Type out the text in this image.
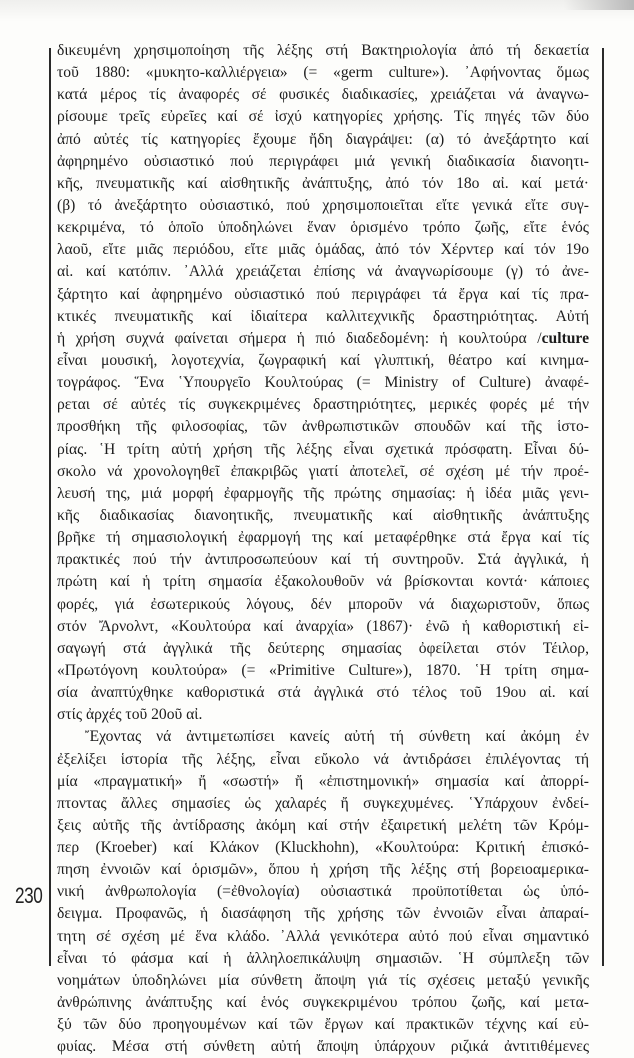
230
δικευμένη χρησιμοποίηση τῆς λέξης στή Βακτηριολογία ἀπό τή δεκαετία
τοῦ 1880: «μυκητο-καλλιέργεια» (= «germ culture»). ᾿Αφήνοντας ὅμως
κατά μέρος τίς ἀναφορές σέ φυσικές διαδικασίες, χρειάζεται νά ἀναγνω-
ρίσουμε τρεῖς εὐρεῖες καί σέ ἰσχύ κατηγορίες χρήσης. Τίς πηγές τῶν δύο
ἀπό αὐτές τίς κατηγορίες ἔχουμε ἤδη διαγράψει: (α) τό ἀνεξάρτητο καί
ἀφηρημένο οὐσιαστικό πού περιγράφει μιά γενική διαδικασία διανοητι-
κῆς, πνευματικῆς καί αἰσθητικῆς ἀνάπτυξης, ἀπό τόν 18ο αἰ. καί μετά·
(β) τό ἀνεξάρτητο οὐσιαστικό, πού χρησιμοποιεῖται εἴτε γενικά εἴτε συγ-
κεκριμένα, τό ὁποῖο ὑποδηλώνει ἕναν ὁρισμένο τρόπο ζωῆς, εἴτε ἑνός
λαοῦ, εἴτε μιᾶς περιόδου, εἴτε μιᾶς ὁμάδας, ἀπό τόν Χέρντερ καί τόν 19ο
αἰ. καί κατόπιν. ᾿Αλλά χρειάζεται ἐπίσης νά ἀναγνωρίσουμε (γ) τό ἀνε-
ξάρτητο καί ἀφηρημένο οὐσιαστικό πού περιγράφει τά ἔργα καί τίς πρα-
κτικές πνευματικῆς καί ἰδιαίτερα καλλιτεχνικῆς δραστηριότητας. Αὐτή
ἡ χρήση συχνά φαίνεται σήμερα ἡ πιό διαδεδομένη: ἡ κουλτούρα /culture
εἶναι μουσική, λογοτεχνία, ζωγραφική καί γλυπτική, θέατρο καί κινημα-
τογράφος. Ἕνα ῾Υπουργεῖο Κουλτούρας (= Ministry of Culture) ἀναφέ-
ρεται σέ αὐτές τίς συγκεκριμένες δραστηριότητες, μερικές φορές μέ τήν
προσθήκη τῆς φιλοσοφίας, τῶν ἀνθρωπιστικῶν σπουδῶν καί τῆς ἱστο-
ρίας. ῾Η τρίτη αὐτή χρήση τῆς λέξης εἶναι σχετικά πρόσφατη. Εἶναι δύ-
σκολο νά χρονολογηθεῖ ἐπακριβῶς γιατί ἀποτελεῖ, σέ σχέση μέ τήν προέ-
λευσή της, μιά μορφή ἐφαρμογῆς τῆς πρώτης σημασίας: ἡ ἰδέα μιᾶς γενι-
κῆς διαδικασίας διανοητικῆς, πνευματικῆς καί αἰσθητικῆς ἀνάπτυξης
βρῆκε τή σημασιολογική ἐφαρμογή της καί μεταφέρθηκε στά ἔργα καί τίς
πρακτικές πού τήν ἀντιπροσωπεύουν καί τή συντηροῦν. Στά ἀγγλικά, ἡ
πρώτη καί ἡ τρίτη σημασία ἐξακολουθοῦν νά βρίσκονται κοντά· κάποιες
φορές, γιά ἐσωτερικούς λόγους, δέν μποροῦν νά διαχωριστοῦν, ὅπως
στόν Ἄρνολντ, «Κουλτούρα καί ἀναρχία» (1867)· ἐνῶ ἡ καθοριστική εἰ-
σαγωγή στά ἀγγλικά τῆς δεύτερης σημασίας ὀφείλεται στόν Τέιλορ,
«Πρωτόγονη κουλτούρα» (= «Primitive Culture»), 1870. ῾Η τρίτη σημα-
σία ἀναπτύχθηκε καθοριστικά στά ἀγγλικά στό τέλος τοῦ 19ου αἰ. καί
στίς ἀρχές τοῦ 20οῦ αἰ.
Ἔχοντας νά ἀντιμετωπίσει κανείς αὐτή τή σύνθετη καί ἀκόμη ἐν
ἐξελίξει ἱστορία τῆς λέξης, εἶναι εὔκολο νά ἀντιδράσει ἐπιλέγοντας τή
μία «πραγματική» ἤ «σωστή» ἤ «ἐπιστημονική» σημασία καί ἀπορρί-
πτοντας ἄλλες σημασίες ὡς χαλαρές ἤ συγκεχυμένες. ῾Υπάρχουν ἐνδεί-
ξεις αὐτῆς τῆς ἀντίδρασης ἀκόμη καί στήν ἐξαιρετική μελέτη τῶν Κρόμ-
περ (Kroeber) καί Κλάκον (Kluckhohn), «Κουλτούρα: Κριτική ἐπισκό-
πηση ἐννοιῶν καί ὁρισμῶν», ὅπου ἡ χρήση τῆς λέξης στή βορειοαμερικα-
νική ἀνθρωπολογία (=ἐθνολογία) οὐσιαστικά προϋποτίθεται ὡς ὑπό-
δειγμα. Προφανῶς, ἡ διασάφηση τῆς χρήσης τῶν ἐννοιῶν εἶναι ἀπαραί-
τητη σέ σχέση μέ ἕνα κλάδο. ᾿Αλλά γενικότερα αὐτό πού εἶναι σημαντικό
εἶναι τό φάσμα καί ἡ ἀλληλοεπικάλυψη σημασιῶν. ῾Η σύμπλεξη τῶν
νοημάτων ὑποδηλώνει μία σύνθετη ἄποψη γιά τίς σχέσεις μεταξύ γενικῆς
ἀνθρώπινης ἀνάπτυξης καί ἑνός συγκεκριμένου τρόπου ζωῆς, καί μετα-
ξύ τῶν δύο προηγουμένων καί τῶν ἔργων καί πρακτικῶν τέχνης καί εὐ-
φυίας. Μέσα στή σύνθετη αὐτή ἄποψη ὑπάρχουν ριζικά ἀντιτιθέμενες
